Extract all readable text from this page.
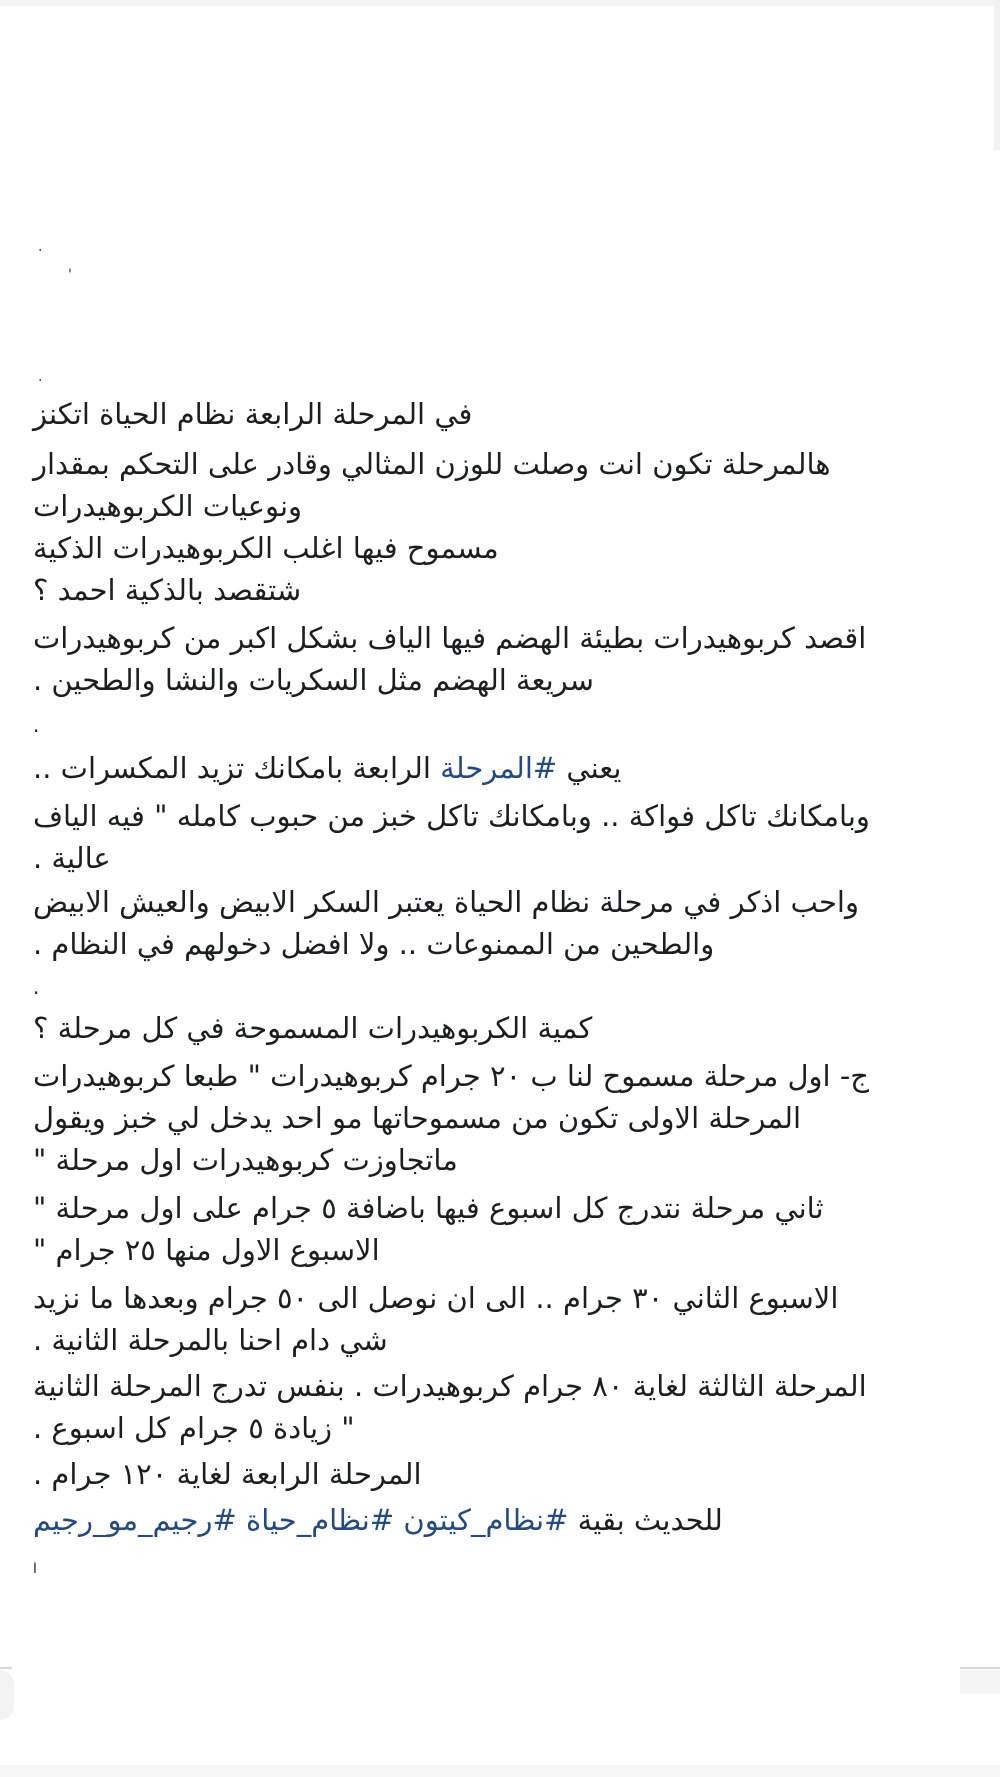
.
'
.
في المرحلة الرابعة نظام الحياة اتكنز
هالمرحلة تكون انت وصلت للوزن المثالي وقادر على التحكم بمقدار
ونوعيات الكربوهيدرات
مسموح فيها اغلب الكربوهيدرات الذكية
شتقصد بالذكية احمد ؟
اقصد كربوهيدرات بطيئة الهضم فيها الياف بشكل اكبر من كربوهيدرات
سريعة الهضم مثل السكريات والنشا والطحين .
.
يعني #المرحلة الرابعة بامكانك تزيد المكسرات ..
وبامكانك تاكل فواكة .. وبامكانك تاكل خبز من حبوب كامله " فيه الياف
عالية .
واحب اذكر في مرحلة نظام الحياة يعتبر السكر الابيض والعيش الابيض
والطحين من الممنوعات .. ولا افضل دخولهم في النظام .
.
كمية الكربوهيدرات المسموحة في كل مرحلة ؟
ج- اول مرحلة مسموح لنا ب ٢٠ جرام كربوهيدرات " طبعا كربوهيدرات
المرحلة الاولى تكون من مسموحاتها مو احد يدخل لي خبز ويقول
ماتجاوزت كربوهيدرات اول مرحلة "
ثاني مرحلة نتدرج كل اسبوع فيها باضافة ٥ جرام على اول مرحلة "
الاسبوع الاول منها ٢٥ جرام "
الاسبوع الثاني ٣٠ جرام .. الى ان نوصل الى ٥٠ جرام وبعدها ما نزيد
شي دام احنا بالمرحلة الثانية .
المرحلة الثالثة لغاية ٨٠ جرام كربوهيدرات . بنفس تدرج المرحلة الثانية
" زيادة ٥ جرام كل اسبوع .
المرحلة الرابعة لغاية ١٢٠ جرام .
للحديث بقية #نظام_كيتون #نظام_حياة #رجيم_مو_رجيم
ا
